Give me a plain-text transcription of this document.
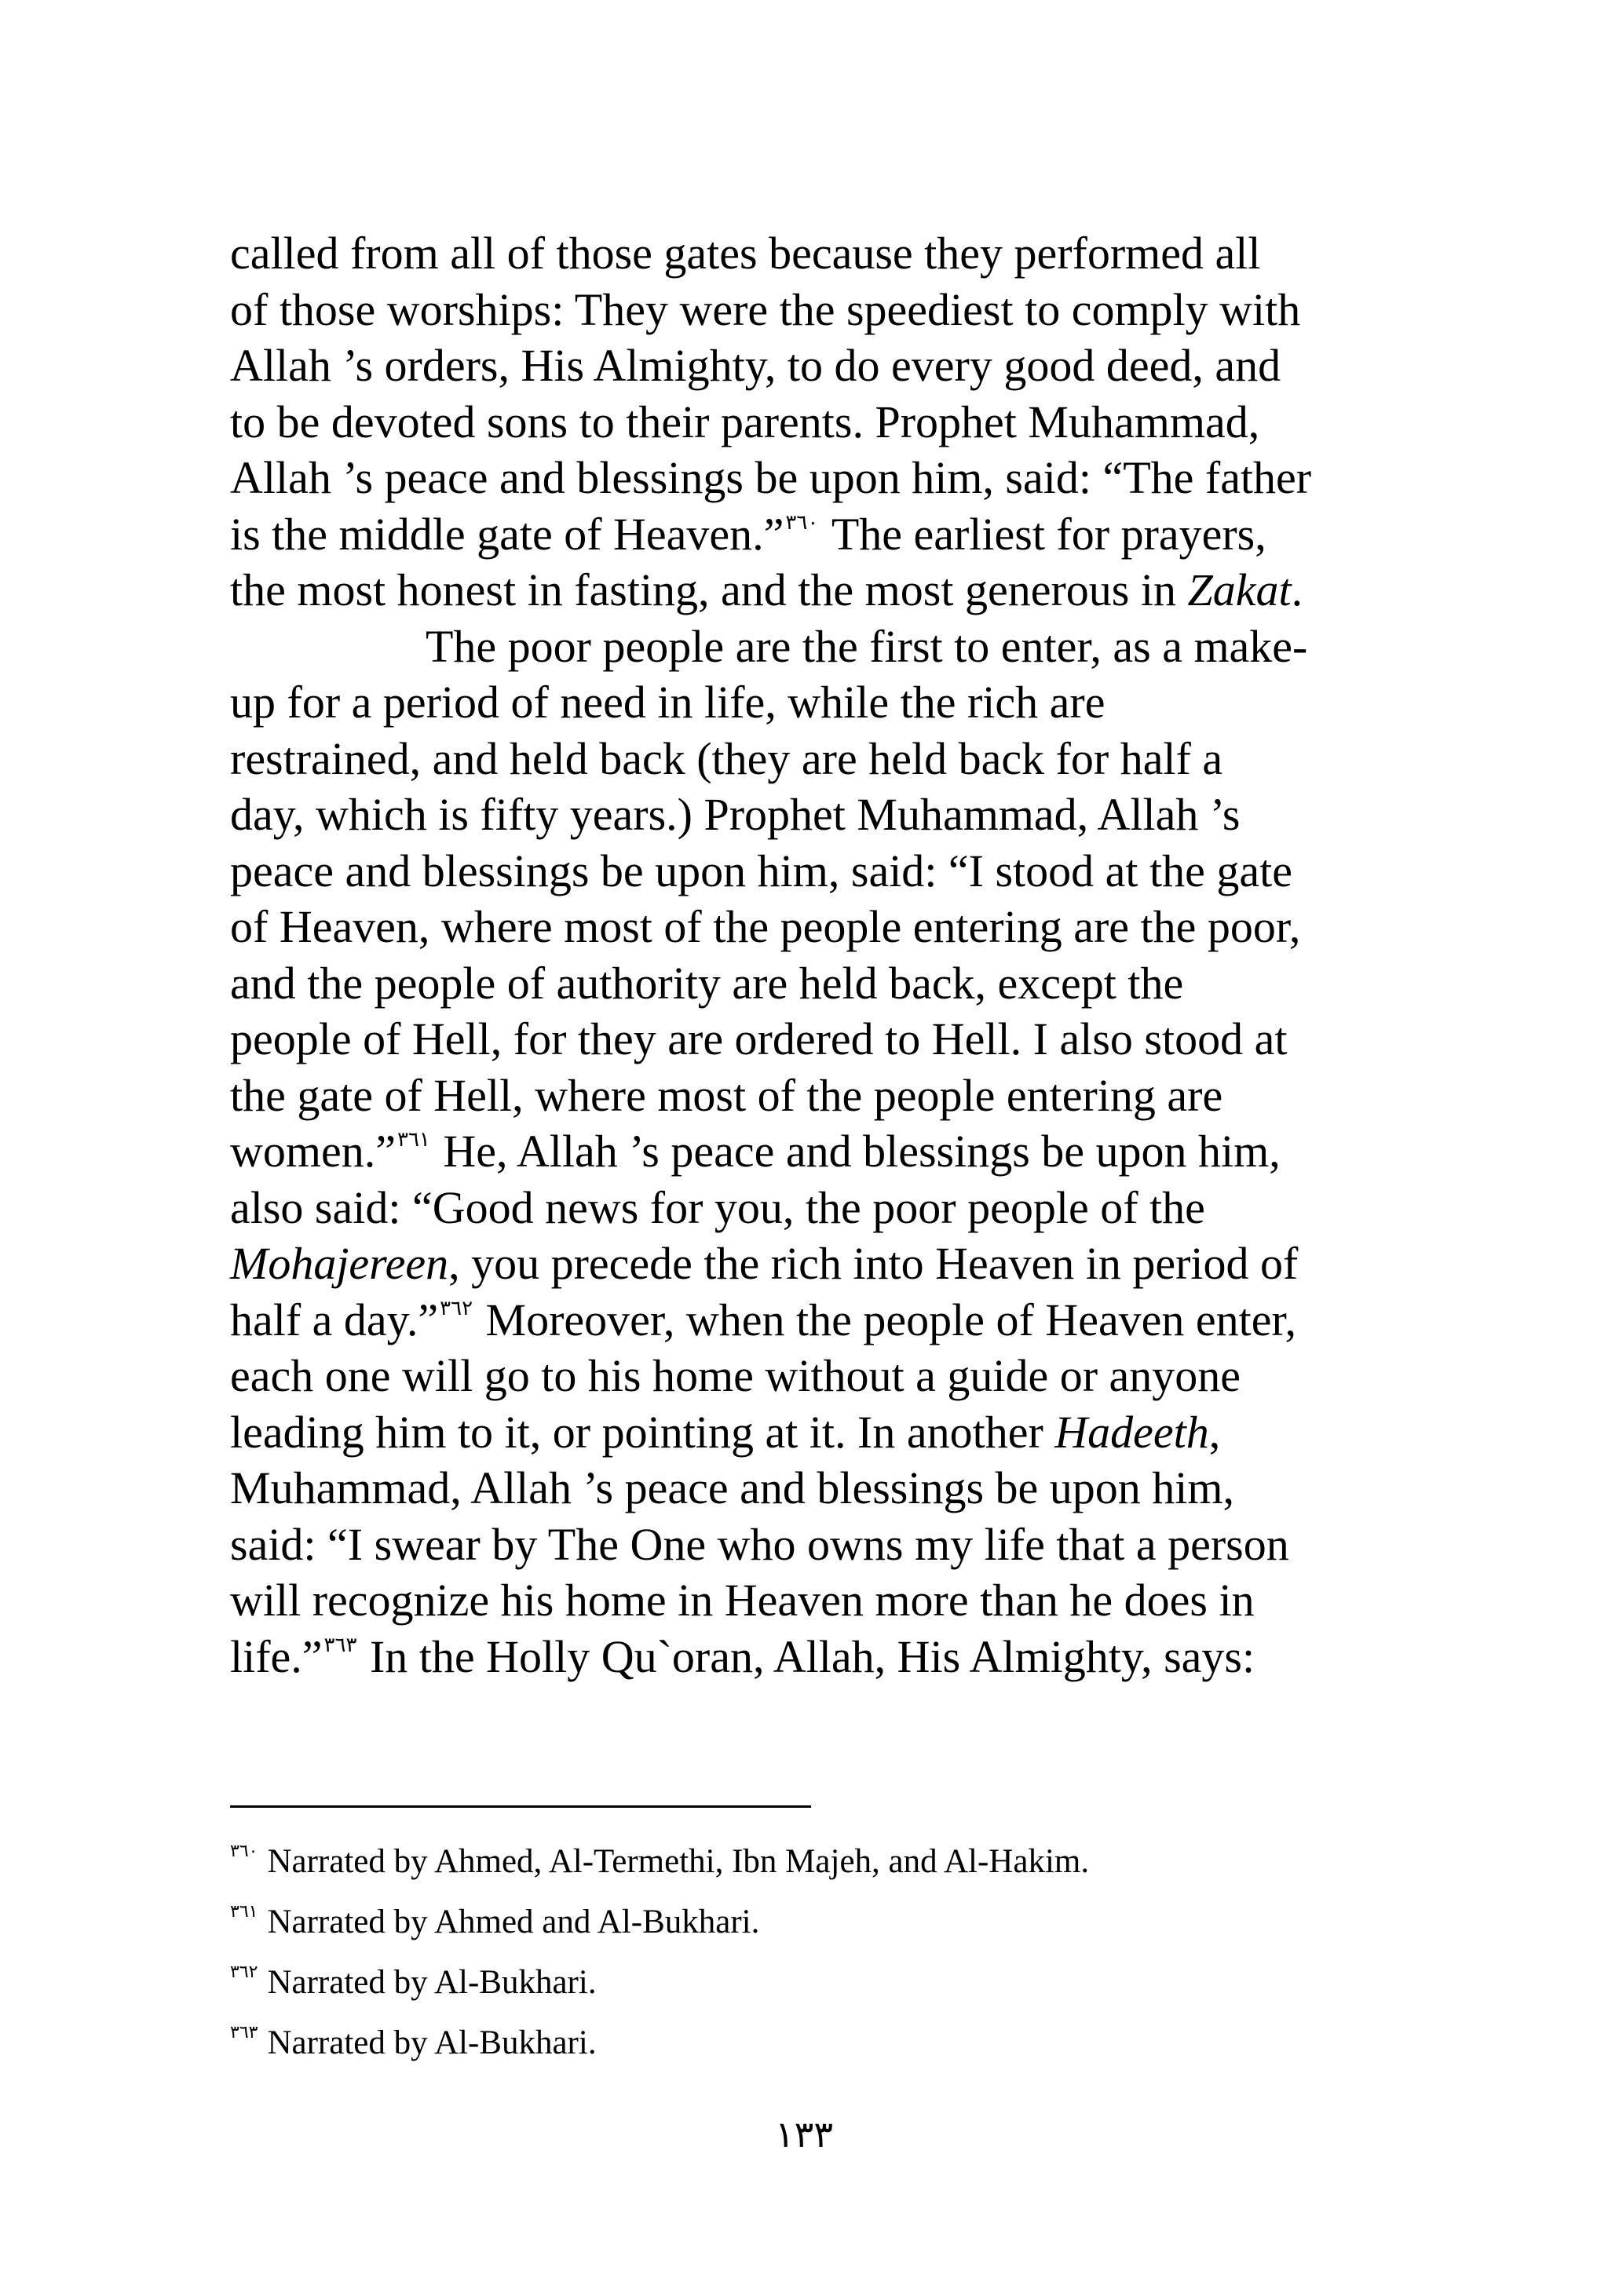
called from all of those gates because they performed all
of those worships: They were the speediest to comply with
Allah ’s orders, His Almighty, to do every good deed, and
to be devoted sons to their parents. Prophet Muhammad,
Allah ’s peace and blessings be upon him, said: “The father
is the middle gate of Heaven.”$^{٣٦٠}$ The earliest for prayers,
the most honest in fasting, and the most generous in Zakat.
The poor people are the first to enter, as a make-
up for a period of need in life, while the rich are
restrained, and held back (they are held back for half a
day, which is fifty years.) Prophet Muhammad, Allah ’s
peace and blessings be upon him, said: “I stood at the gate
of Heaven, where most of the people entering are the poor,
and the people of authority are held back, except the
people of Hell, for they are ordered to Hell. I also stood at
the gate of Hell, where most of the people entering are
women.”$^{٣٦١}$ He, Allah ’s peace and blessings be upon him,
also said: “Good news for you, the poor people of the
Mohajereen, you precede the rich into Heaven in period of
half a day.”$^{٣٦٢}$ Moreover, when the people of Heaven enter,
each one will go to his home without a guide or anyone
leading him to it, or pointing at it. In another Hadeeth,
Muhammad, Allah ’s peace and blessings be upon him,
said: “I swear by The One who owns my life that a person
will recognize his home in Heaven more than he does in
life.”$^{٣٦٣}$ In the Holly Qu`oran, Allah, His Almighty, says:
$^{٣٦٠}$ Narrated by Ahmed, Al-Termethi, Ibn Majeh, and Al-Hakim.
$^{٣٦١}$ Narrated by Ahmed and Al-Bukhari.
$^{٣٦٢}$ Narrated by Al-Bukhari.
$^{٣٦٣}$ Narrated by Al-Bukhari.
١٣٣
